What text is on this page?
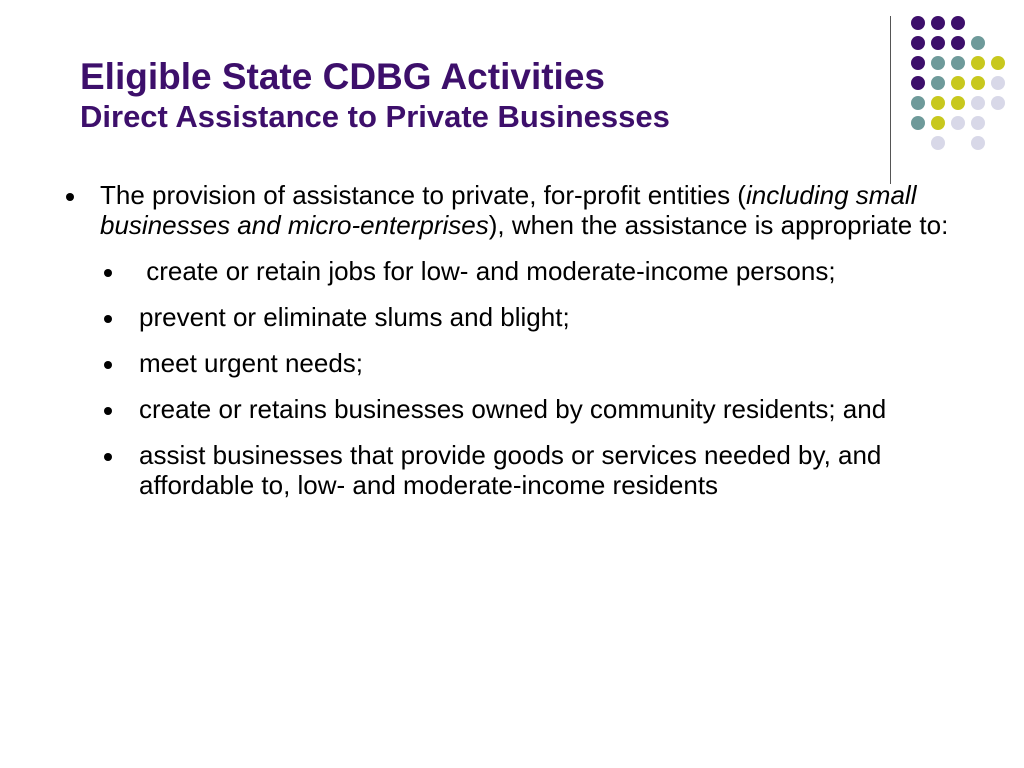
Eligible State CDBG Activities
Direct Assistance to Private Businesses
The provision of assistance to private, for-profit entities (including small businesses and micro-enterprises), when the assistance is appropriate to:
create or retain jobs for low- and moderate-income persons;
prevent or eliminate slums and blight;
meet urgent needs;
create or retains businesses owned by community residents; and
assist businesses that provide goods or services needed by, and affordable to, low- and moderate-income residents
